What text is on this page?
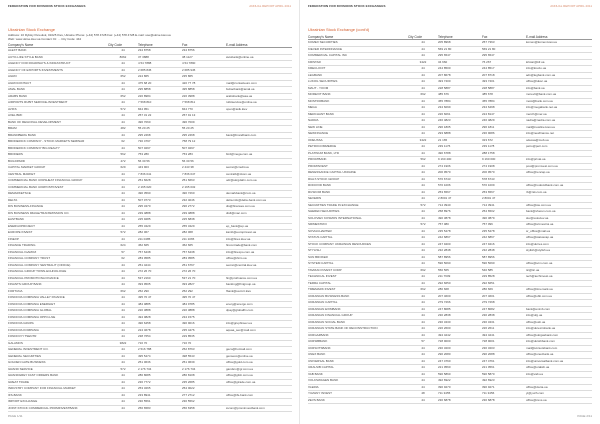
FEDERATION FOR DIVISIONS STOCK EXCHANGES	ANNUAL REPORT APRIL 2011
Ukrainian Stock Exchange
Address: 10 Rylsky Pereulok, 01025 Kiev, Ukraine Phone: (+44) 578 4728 Fax: (+44) 578 4728 E-mail: use@ukrse.kiev.ua
Web: www.ukrse.kiev.ua Contact: Dr. ... City Code: 444
Company's Name	City Code	Telephone	Fax	E-mail Address
ALEXT BANK	44	234 8758	234 8756	
AUTO-LIFE STYLE BANK	8062	37 3888	38 1127	avtobank@online.ua
AGENCY FOR ROADWAYS & INFRASTRUCT	44	4 54 7888	4 54 7890	
AGENCY OF EXPORTS INVESTMENTS	44	2 685 845	2 685 945	
AGRO	652	224 865	235 865	
AGROCONTACT	44	475 68 20	420 77 78	mail@contacteuro.com
AMAL BANK	44	295 8858	495 8858	bubacbank@amal.ua
ARABS BANK	652	226 8984	226 3988	arabsbank@asa.ua
AIRPORTS RUBIT SERVICE-INVESTMENT	44	7 568 810	7 568 811	rubitservice@online.ua
AVIKS	572	844 951	844 770	open@avik.kiev
AXEL BRF	44	257 31 22	257 91 13	
BANK OF REGIONAL DEVELOPMENT	44	496 7060	496 7009	
BRAM	482	55 20 25	55 20 25	
BRANDBERG BANK	44	295 2468	295 2468	bank@brandbank.com
BRODERICK COMPANY - STOCK MARKETS SEMINAR	62	730 4797	758 79 12	
BRODERICK COMPANY BIG REALTY	44	507 0297	507 0297	
BRODERS	562	753 280	753 283	bird@mega.com.ua
BUILDPARD	472	56 30 56	56 30 56	
CAPITAL MARKET GROUP	629	443 903	2 443 38	secret@credit.ua
CENTRAL MARKET	44	7 836 041	7 836 047	centralb@ckom.ua
COMMERCIAL BANK UKRSHEAT FINANCIAL GROUP	44	251 6628	251 6663	udr@ukrgdafm.com.ua
COMMERCIAL BANK UKRPOSTINVEST	44	2 165 020	2 165 032	
DEMARKETSCE	44	490 3590	490 7260	demarkbank@com.ua
DELTA	44	507 0773	232 4046	delta.info@delta-bank.com.ua
DIS BUSINESS-FINANCE	44	295 3470	296 2772	dis@finanses.com.ua
DIS BUSINESS IMAGE/TRANSMISSION CO.	44	239 4888	239 4888	disfi@mac.com
EASTBANK	44	225 9285	225 6838	
ENERGOPROJECT	44	255 3429	255 3429	ep_bank@ep.ua
EUROPE INVEST	572	282 067	282 068	kamb@europinvest.ua
FINEXP	44	211 0485	211 1065	info@finex.kiev.ua
FINANCE TRADING	624	452 665	452 665	fincontrade@bank.com
FINANCIAL IGAMOZ	57	757 6438	757 6438	info@finexpo.com.ua
FINANCIAL COMPANY TRUST	62	283 0585	283 0585	office@zkim.ua
FINANCIAL COMPANY SENTRALIT (OFFICE)	44	251 4244	251 6767	secret@central.kiev.ua
FINANCIAL GROUP TOWN-ECHNOLOGIE	44	272 26 70	272 26 70	
FINANCIAL PROMOTIONA FINANCE	44	537 2160	537 21 70	fin@profinance.com.ua
FINANTS GROUP BANK	44	393 9505	393 2827	banking@fintgroup.ua
FORTUNA	662	252 290	252 292	fbank@ua.fort.kiev
FONDOVA COMPANIA VALLEY FINANCE	44	495 70 47	495 70 47	
FONDOVA COMPANIA ENERGIET	44	484 0885	484 9785	energ@energo.com
FONDOVA COMPANIA GLOBAL	44	220 3888	220 3888	dpay@globalfin.com
FONDOVA COMPANIA OPPO-LNE	44	494 0828	234 1575	
FONDOVA GRUPA	44	490 6458	490 9016	info@grupfinsec.ua
FONDOVA KOMPANIA	44	224 4678	235 4476	aquaa_sec@mail.com
FONDOVYI TSENTR	44	238 7654	229 8535	
GALAMOS	3822	716 70	716 70	
GENERAL INVESTMENT CO.	44	2 516 788	252 8763	geco@hotmail.com
GENERAL SECURITIES	44	495 5474	498 5543	genseco@online.ua
GOLDEN GATE BUSINESS	44	251 0636	251 0639	office@gold.com.ua
GRAND SERVICE	572	2 176 734	2 176 734	gandsrv@gr.com.ua
GRANDGREY FAST ORDERS BANK	44	286 8085	286 8108	office@gfob.com.ua
GREAT TRADE	44	236 7772	235 2685	office@gtrade.com.ua
INDUSTRY COMPANY FOR FINANCIAL MARKET	44	253 3265	254 0022	
IFS-BANK	44	233 8941	277 2712	office@ifs-bank.com
IMPORT EXCHANGE	44	230 5561	230 5562	
JOINT-STOCK COMMERCIAL PROMINVESTBANK	44	256 6583	256 6358	iocom@prominvestbank.com
PAGE 1/11
FEDERATION FOR DIVISIONS STOCK EXCHANGES	ANNUAL REPORT APRIL 2011
Ukrainian Stock Exchange (cont'd)
Company's Name	City Code	Telephone	Fax	E-mail Address
KOMEX SECURITIES	44	205 8968	257 7363	komex@komex.kiev.ua
KIEVER INTERFINANCE	44	569 21 80	569 21 80	
KOMMERCIAL CAPITAL INC	44	295 6547	295 6547	
KRISTAR	3422	34 660	76 267	kristar@kif.ua
KRECLOOIT	44	244 8500	244 8517	info@kreclo.ua
LEGBANK	44	207 8678	207 8718	adv@legbank.com.ua
LUKOIL SECURITIES	44	493 7400	493 7401	office@luksc.ua
MAUT - YOOM	44	228 5887	228 5887	info@bank.ua
MOREVIT BANK	692	485 676	485 678	morevit@bank.com.ua
MOSTROBANK	44	455 7884	455 7884	most@bank.com.ua
MEGA	44	234 6099	234 6498	info@megabank.net.ua
MERCHANT BANK	44	226 6061	224 8147	merch@mer.ua
NADRA	44	246 4823	246 4829	nadra@nadra.com.ua
NEW LINE	44	296 1805	296 1811	mail@newline.kiev.ua
NEWFINANCE	44	293 6888	236 9086	info@newfinance.net
ODEUSSA	3422	21 165	323 672	odessa@mob.ua
PETROCOMMERCE	44	239 1176	239 1178	petro@petr.com
PLATINUM BANK, LTD	44	490 6788	288 1758	
PRIVATBANK	562	9 160 400	9 160 000	info@privat.ua
PROMINVEST	44	274 1906	274 1908	post@promvest.com.ua
RENESSANCE CAPITAL UKRAINE	44	200 9570	200 9570	office@rencap.ua
RIALT-STOCK GROUP	44	576 6743	578 6743	
RODOVID BANK	44	570 1006	570 1009	office@rodovidbank.com.ua
RUSKOM BANK	44	253 6567	253 6567	rb@rsk.com.ua
SEVERIN	44	2 8001 47	2 8001 47	
SECURITIES TRADE IN EXCHANGE	572	714 3940	714 3941	office@ste.com.ua
SHEREN SECURITIES	44	258 8976	254 6502	bank@sheren.com.ua
SOLOVIEV KOSMOS INTERNATIONAL	44	490 3878	490 3879	skv@soloviev.ua
SRIMESTROI	572	757 080	757 096	office@srimestroi.ua
SOVIACHARTER	44	235 5478	235 5478	sr_office@mail.ua
STATUS CAPITAL	44	242 6867	242 6867	office@statuscap.ua
STOCK COMPANY UKRAINIAN RESOURCES	44	247 9400	247 9416	info@ukrres.com
STYLISH	44	232 2848	232 2848	stylish@stylish.ua
SUN BROKER	44	587 8956	587 8956	
SYSTEM CAPITAL	44	590 5090	590 5090	office@scm.com.ua
TAVRIAN INVEST CORP	692	550 565	540 585	tic@tic.ua
TECHNICAL INVEST	44	211 7609	229 8528	tech@techinvest.ua
TERRA CAPITAL	44	292 6650	292 6651	
TIMEMARK INVEST	662	280 668	280 669	office@timemark.ua
UKRAINIAN BUSINESS BANK	44	207 4600	207 4601	office@ubb.com.ua
UKRAINIAN CAPITAL	44	279 7266	279 7268	
UKRAINIAN EXIMBANK	44	247 8085	247 8082	bank@eximb.com
UKRAINIAN FINANCIAL GROUP	44	230 2838	230 2838	info@ufg.ua
UKRAINIAN SOCIAL BANK	44	230 3430	230 3431	office@usb.ua
UKRAINIAN STATE BANK OF RECONSTRUCTION	44	226 2600	226 2611	info@ukreximbank.ua
UKRGAZBANK	44	494 4242	494 4241	office@ukrgasbank.com
UKRSIBBANK	57	728 9000	728 9001	info@ukrsibbank.com
UKRSOTSBANK	44	230 3200	230 3203	mail@ukrsotsbank.com
UNEX BANK	44	290 2080	290 2088	office@unexbank.ua
UNIVERSAL BANK	44	247 4760	247 4761	info@universalbank.com.ua
URALSIB CAPITAL	44	221 0560	221 0561	office@uralsib.ua
VAB BANK	44	590 5860	590 5870	info@vab.ua
VOLKSWAGEN BANK	44	492 6922	492 6923	
XLERIA	44	390 9270	390 9271	office@xleria.ua
YUZHNY INVEST	48	711 3455	711 3456	yi@yuzh.com
ZEVS BANK	44	230 6878	230 6878	office@zevs.ua
PAGE 2/11
